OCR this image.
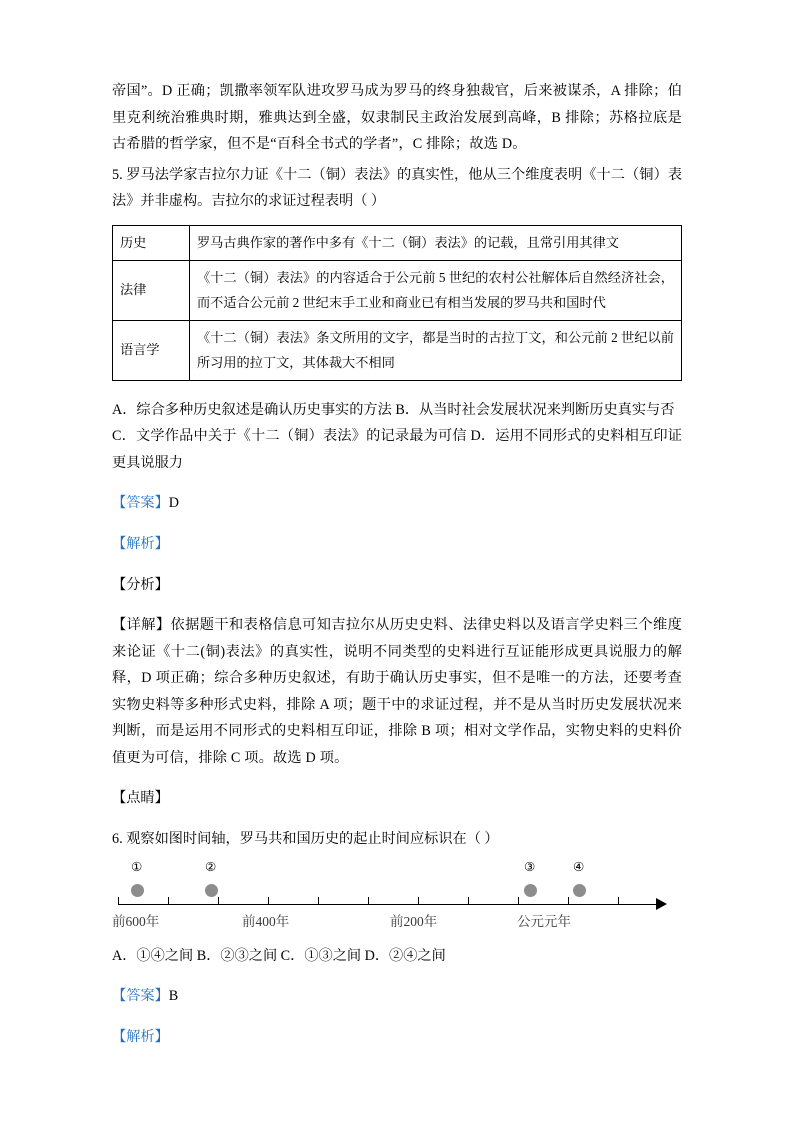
帝国”。D 正确；凯撒率领军队进攻罗马成为罗马的终身独裁官，后来被谋杀，A 排除；伯里克利统治雅典时期，雅典达到全盛，奴隶制民主政治发展到高峰，B 排除；苏格拉底是古希腊的哲学家，但不是“百科全书式的学者”，C 排除；故选 D。

5. 罗马法学家吉拉尔力证《十二（铜）表法》的真实性，他从三个维度表明《十二（铜）表法》并非虚构。吉拉尔的求证过程表明（ ）

历史	罗马古典作家的著作中多有《十二（铜）表法》的记载，且常引用其律文
法律	《十二（铜）表法》的内容适合于公元前 5 世纪的农村公社解体后自然经济社会，而不适合公元前 2 世纪末手工业和商业已有相当发展的罗马共和国时代
语言学	《十二（铜）表法》条文所用的文字，都是当时的古拉丁文，和公元前 2 世纪以前所习用的拉丁文，其体裁大不相同

A．综合多种历史叙述是确认历史事实的方法 B．从当时社会发展状况来判断历史真实与否

C．文学作品中关于《十二（铜）表法》的记录最为可信 D．运用不同形式的史料相互印证更具说服力

【答案】D

【解析】

【分析】

【详解】依据题干和表格信息可知吉拉尔从历史史料、法律史料以及语言学史料三个维度来论证《十二(铜)表法》的真实性，说明不同类型的史料进行互证能形成更具说服力的解释，D 项正确；综合多种历史叙述，有助于确认历史事实，但不是唯一的方法，还要考查实物史料等多种形式史料，排除 A 项；题干中的求证过程，并不是从当时历史发展状况来判断，而是运用不同形式的史料相互印证，排除 B 项；相对文学作品，实物史料的史料价值更为可信，排除 C 项。故选 D 项。

【点睛】

6. 观察如图时间轴，罗马共和国历史的起止时间应标识在（ ）

①	②	③	④
前600年	前400年	前200年	公元元年

A．①④之间 B．②③之间 C．①③之间 D．②④之间

【答案】B

【解析】
